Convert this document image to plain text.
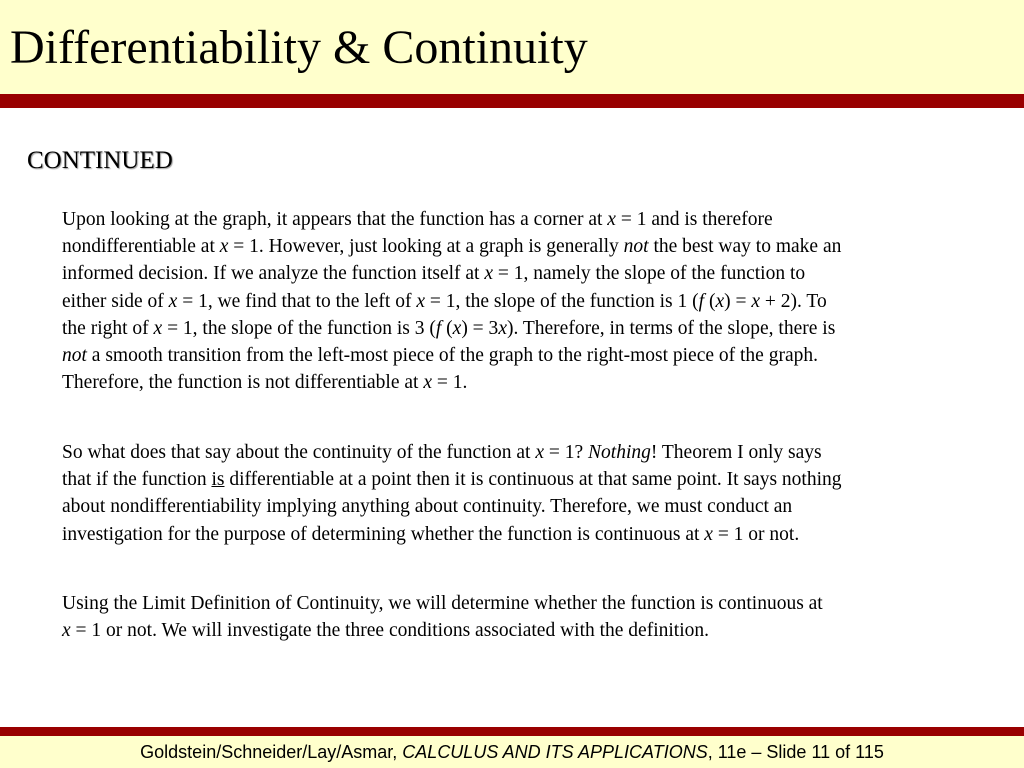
Differentiability & Continuity
CONTINUED

Upon looking at the graph, it appears that the function has a corner at x = 1 and is therefore
nondifferentiable at x = 1. However, just looking at a graph is generally not the best way to make an
informed decision. If we analyze the function itself at x = 1, namely the slope of the function to
either side of x = 1, we find that to the left of x = 1, the slope of the function is 1 (f (x) = x + 2). To
the right of x = 1, the slope of the function is 3 (f (x) = 3x). Therefore, in terms of the slope, there is
not a smooth transition from the left-most piece of the graph to the right-most piece of the graph.
Therefore, the function is not differentiable at x = 1.

So what does that say about the continuity of the function at x = 1? Nothing! Theorem I only says
that if the function is differentiable at a point then it is continuous at that same point. It says nothing
about nondifferentiability implying anything about continuity. Therefore, we must conduct an
investigation for the purpose of determining whether the function is continuous at x = 1 or not.

Using the Limit Definition of Continuity, we will determine whether the function is continuous at
x = 1 or not. We will investigate the three conditions associated with the definition.

Goldstein/Schneider/Lay/Asmar, CALCULUS AND ITS APPLICATIONS, 11e – Slide 11 of 115
